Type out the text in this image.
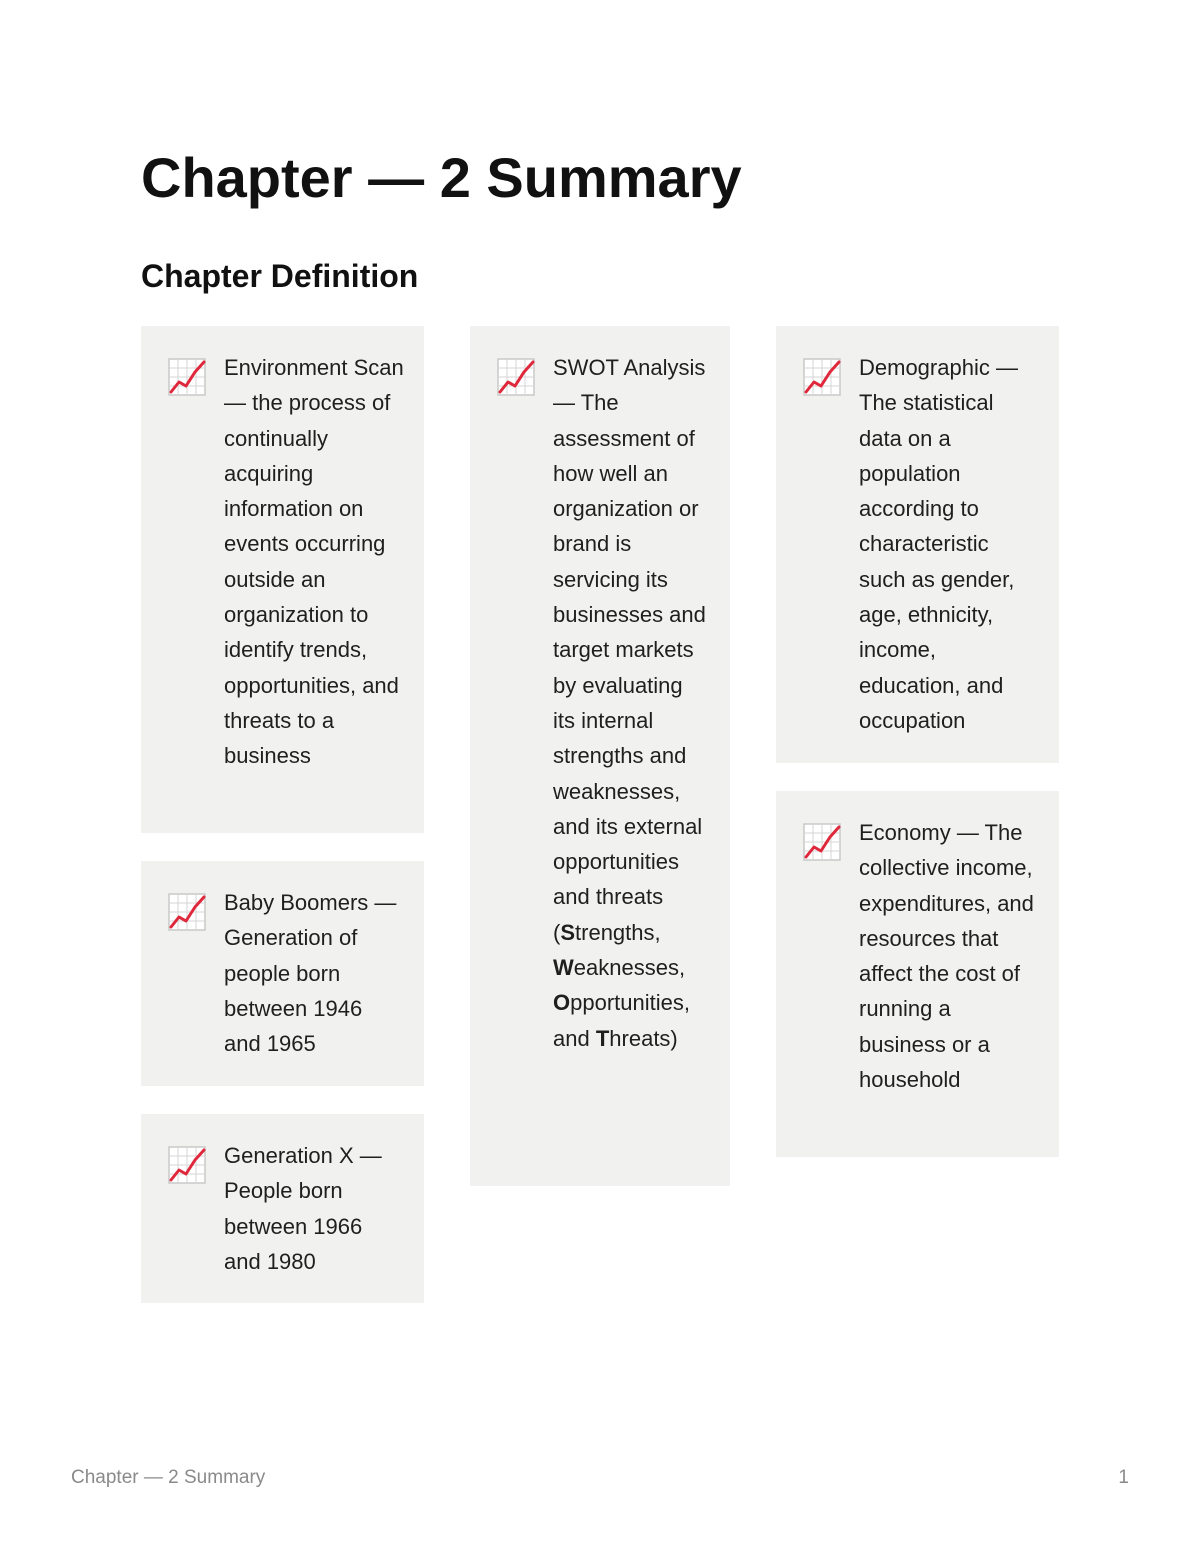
Chapter — 2 Summary
Chapter Definition

Environment Scan — the process of continually acquiring information on events occurring outside an organization to identify trends, opportunities, and threats to a business

Baby Boomers — Generation of people born between 1946 and 1965

Generation X — People born between 1966 and 1980

SWOT Analysis — The assessment of how well an organization or brand is servicing its businesses and target markets by evaluating its internal strengths and weaknesses, and its external opportunities and threats (Strengths, Weaknesses, Opportunities, and Threats)

Demographic — The statistical data on a population according to characteristic such as gender, age, ethnicity, income, education, and occupation

Economy — The collective income, expenditures, and resources that affect the cost of running a business or a household

Chapter — 2 Summary	1
